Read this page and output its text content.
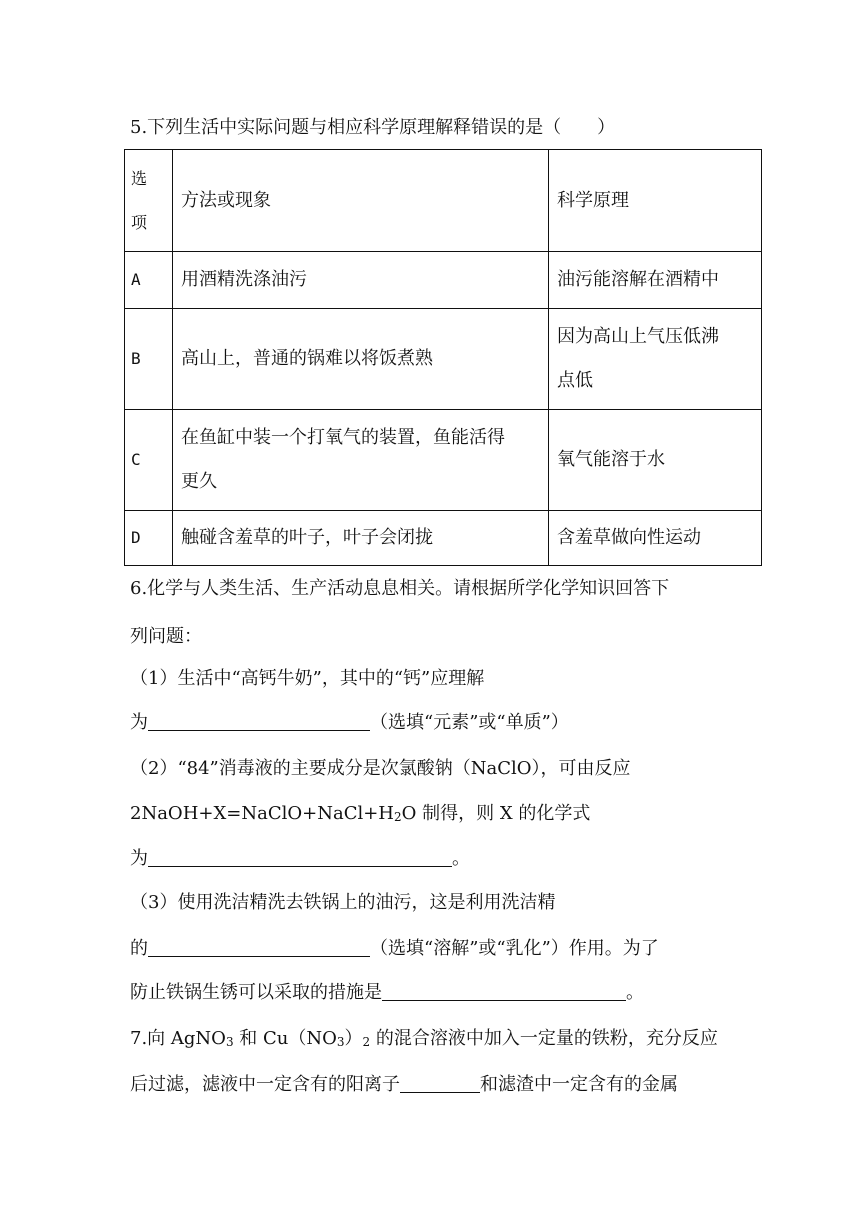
5.下列生活中实际问题与相应科学原理解释错误的是（　　）
选
项	方法或现象	科学原理
A	用酒精洗涤油污	油污能溶解在酒精中
B	高山上，普通的锅难以将饭煮熟	因为高山上气压低沸
点低

C	在鱼缸中装一个打氧气的装置，鱼能活得
更久	氧气能溶于水
D	触碰含羞草的叶子，叶子会闭拢	含羞草做向性运动
6.化学与人类生活、生产活动息息相关。请根据所学化学知识回答下
列问题：
（1）生活中“高钙牛奶”，其中的“钙”应理解
为	（选填“元素”或“单质”）
（2）“84”消毒液的主要成分是次氯酸钠（NaClO），可由反应
$2NaOH+X=NaClO+NaCl+H_2O$ 制得，则 X 的化学式
为	。
（3）使用洗洁精洗去铁锅上的油污，这是利用洗洁精
的	（选填“溶解”或“乳化”）作用。为了
防止铁锅生锈可以采取的措施是	。
7.向 AgNO$_3$ 和 $Cu(NO_3)_2$ 的混合溶液中加入一定量的铁粉，充分反应
后过滤，滤液中一定含有的阳离子	和滤渣中一定含有的金属
